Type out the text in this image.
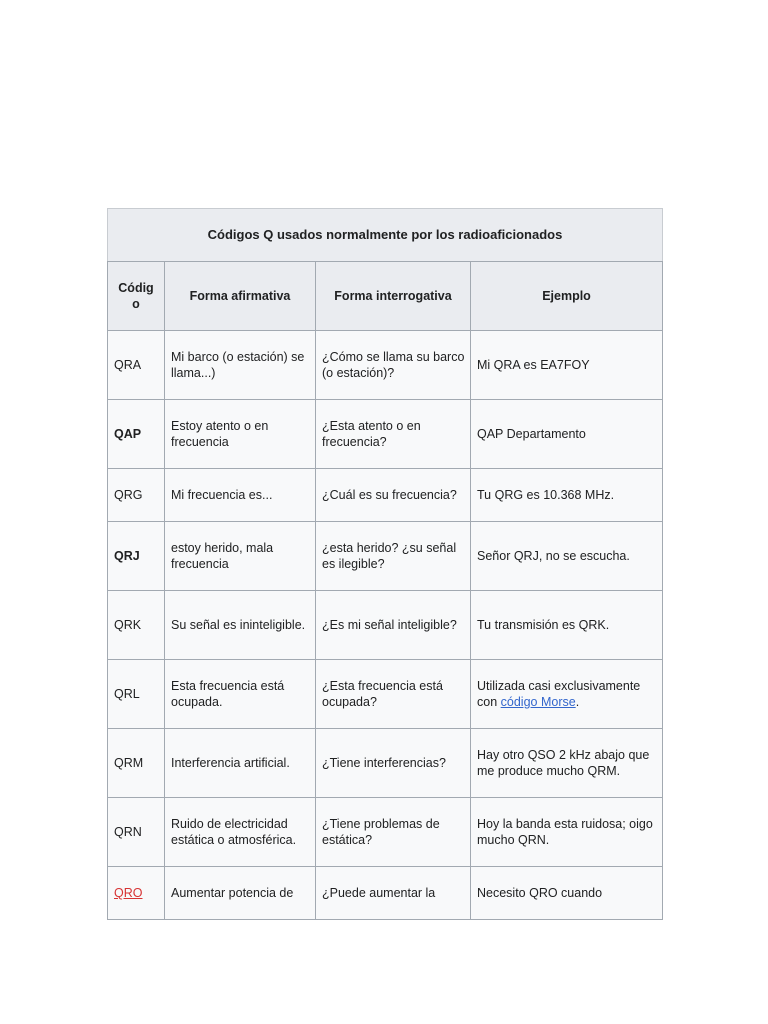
Códigos Q usados normalmente por los radioaficionados
Códig o	Forma afirmativa	Forma interrogativa	Ejemplo
QRA	Mi barco (o estación) se llama...)	¿Cómo se llama su barco (o estación)?	Mi QRA es EA7FOY
QAP	Estoy atento o en frecuencia	¿Esta atento o en frecuencia?	QAP Departamento
QRG	Mi frecuencia es...	¿Cuál es su frecuencia?	Tu QRG es 10.368 MHz.
QRJ	estoy herido, mala frecuencia	¿esta herido? ¿su señal es ilegible?	Señor QRJ, no se escucha.
QRK	Su señal es ininteligible.	¿Es mi señal inteligible?	Tu transmisión es QRK.
QRL	Esta frecuencia está ocupada.	¿Esta frecuencia está ocupada?	Utilizada casi exclusivamente con código Morse.
QRM	Interferencia artificial.	¿Tiene interferencias?	Hay otro QSO 2 kHz abajo que me produce mucho QRM.
QRN	Ruido de electricidad estática o atmosférica.	¿Tiene problemas de estática?	Hoy la banda esta ruidosa; oigo mucho QRN.
QRO	Aumentar potencia de	¿Puede aumentar la	Necesito QRO cuando
